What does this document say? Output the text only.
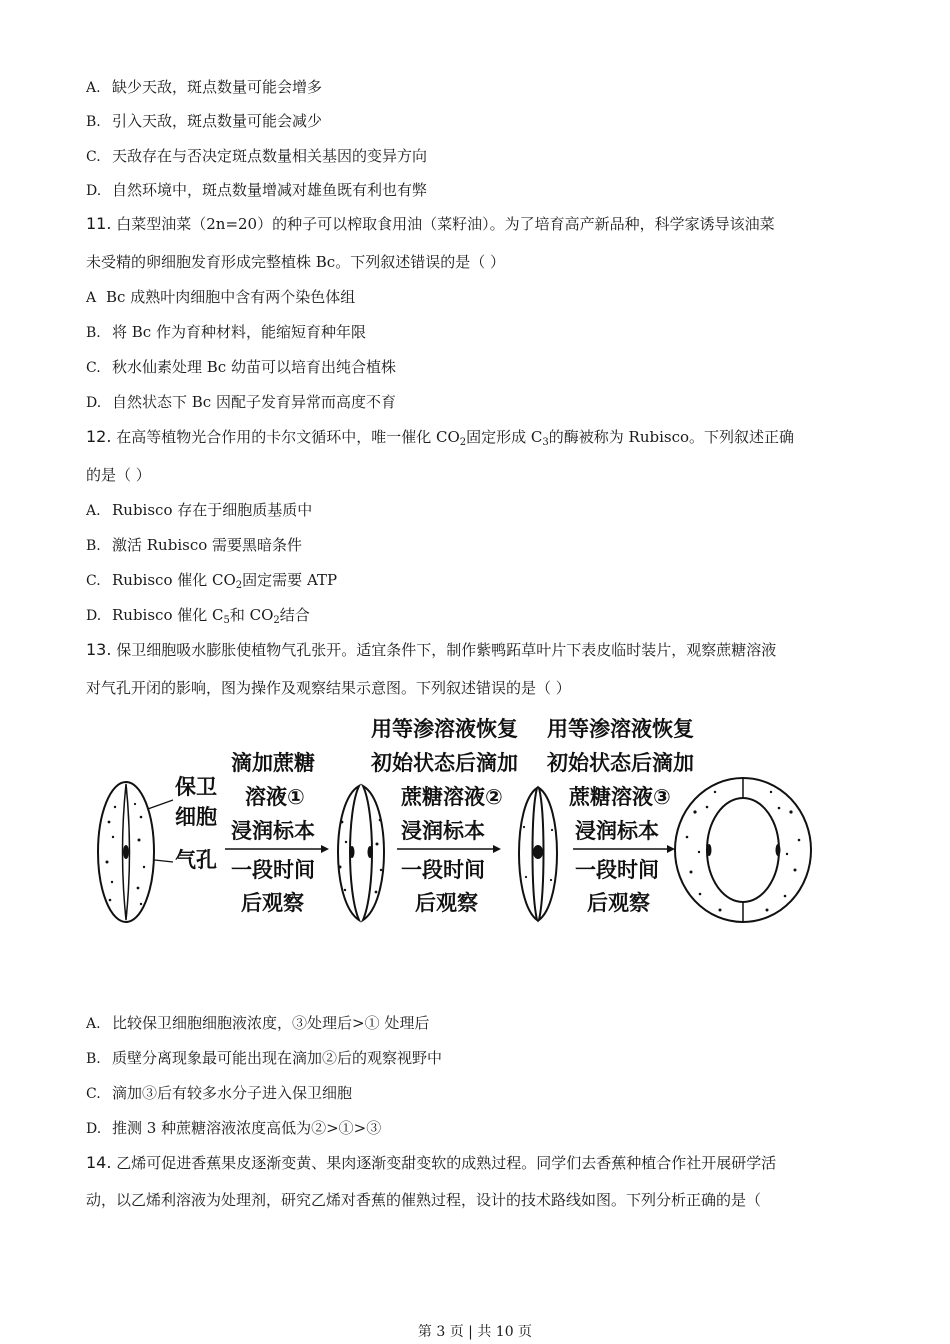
A. 缺少天敌，斑点数量可能会增多
B. 引入天敌，斑点数量可能会减少
C. 天敌存在与否决定斑点数量相关基因的变异方向
D. 自然环境中，斑点数量增减对雄鱼既有利也有弊
11. 白菜型油菜（2n=20）的种子可以榨取食用油（菜籽油）。为了培育高产新品种，科学家诱导该油菜
未受精的卵细胞发育形成完整植株 Bc。下列叙述错误的是（ ）
A Bc 成熟叶肉细胞中含有两个染色体组
B. 将 Bc 作为育种材料，能缩短育种年限
C. 秋水仙素处理 Bc 幼苗可以培育出纯合植株
D. 自然状态下 Bc 因配子发育异常而高度不育
12. 在高等植物光合作用的卡尔文循环中，唯一催化 $CO_2$固定形成 $C_3$的酶被称为 Rubisco。下列叙述正确
的是（ ）
A. Rubisco 存在于细胞质基质中
B. 激活 Rubisco 需要黑暗条件
C. Rubisco 催化 $CO_2$固定需要 ATP
D. Rubisco 催化 $C_5$和 $CO_2$结合
13. 保卫细胞吸水膨胀使植物气孔张开。适宜条件下，制作紫鸭跖草叶片下表皮临时装片，观察蔗糖溶液
对气孔开闭的影响，图为操作及观察结果示意图。下列叙述错误的是（ ）
用等渗溶液恢复
初始状态后滴加
用等渗溶液恢复
初始状态后滴加
滴加蔗糖
溶液①
浸润标本
一段时间
后观察
蔗糖溶液②
浸润标本
一段时间
后观察
蔗糖溶液③
浸润标本
一段时间
后观察
保卫
细胞
气孔
A. 比较保卫细胞细胞液浓度，③处理后>① 处理后
B. 质壁分离现象最可能出现在滴加②后的观察视野中
C. 滴加③后有较多水分子进入保卫细胞
D. 推测 3 种蔗糖溶液浓度高低为②>①>③
14. 乙烯可促进香蕉果皮逐渐变黄、果肉逐渐变甜变软的成熟过程。同学们去香蕉种植合作社开展研学活
动，以乙烯利溶液为处理剂，研究乙烯对香蕉的催熟过程，设计的技术路线如图。下列分析正确的是（
第 3 页 | 共 10 页
